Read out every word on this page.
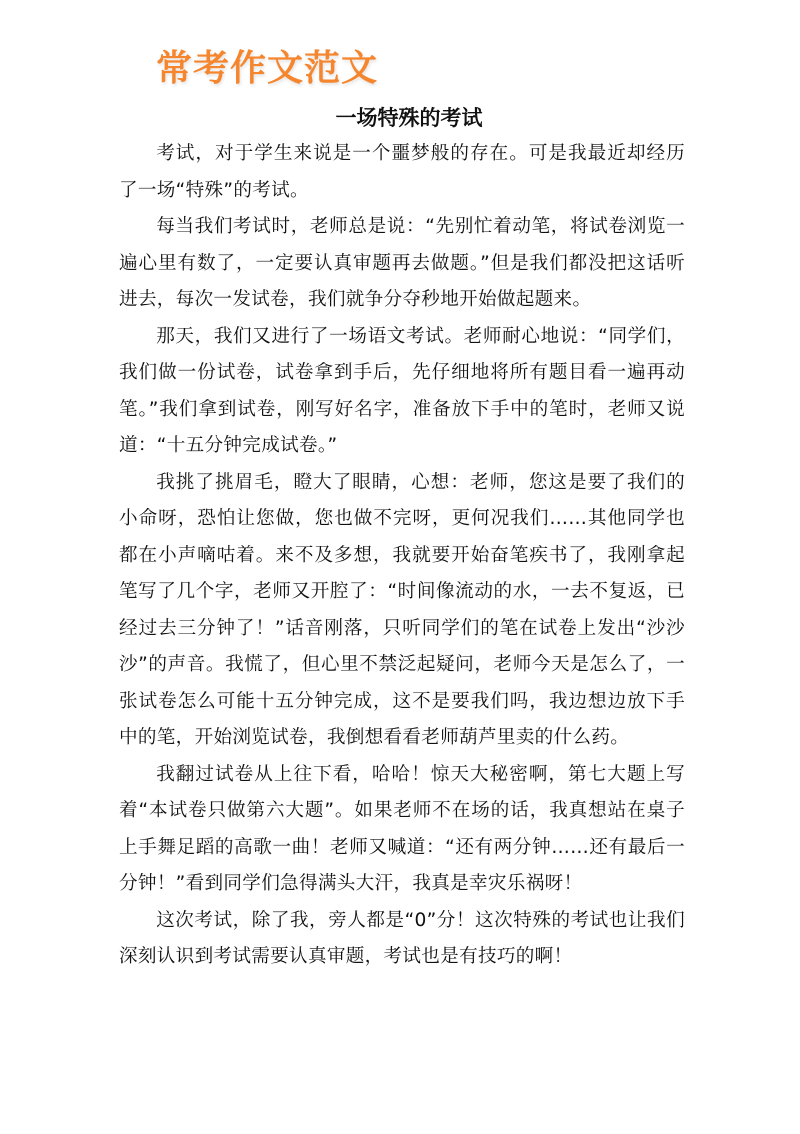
常考作文范文
一场特殊的考试

考试，对于学生来说是一个噩梦般的存在。可是我最近却经历了一场“特殊”的考试。

每当我们考试时，老师总是说：“先别忙着动笔，将试卷浏览一遍心里有数了，一定要认真审题再去做题。”但是我们都没把这话听进去，每次一发试卷，我们就争分夺秒地开始做起题来。

那天，我们又进行了一场语文考试。老师耐心地说：“同学们，我们做一份试卷，试卷拿到手后，先仔细地将所有题目看一遍再动笔。”我们拿到试卷，刚写好名字，准备放下手中的笔时，老师又说道：“十五分钟完成试卷。”

我挑了挑眉毛，瞪大了眼睛，心想：老师，您这是要了我们的小命呀，恐怕让您做，您也做不完呀，更何况我们……其他同学也都在小声嘀咕着。来不及多想，我就要开始奋笔疾书了，我刚拿起笔写了几个字，老师又开腔了：“时间像流动的水，一去不复返，已经过去三分钟了！”话音刚落，只听同学们的笔在试卷上发出“沙沙沙”的声音。我慌了，但心里不禁泛起疑问，老师今天是怎么了，一张试卷怎么可能十五分钟完成，这不是要我们吗，我边想边放下手中的笔，开始浏览试卷，我倒想看看老师葫芦里卖的什么药。

我翻过试卷从上往下看，哈哈！惊天大秘密啊，第七大题上写着“本试卷只做第六大题”。如果老师不在场的话，我真想站在桌子上手舞足蹈的高歌一曲！老师又喊道：“还有两分钟……还有最后一分钟！”看到同学们急得满头大汗，我真是幸灾乐祸呀！

这次考试，除了我，旁人都是“0”分！这次特殊的考试也让我们深刻认识到考试需要认真审题，考试也是有技巧的啊！
